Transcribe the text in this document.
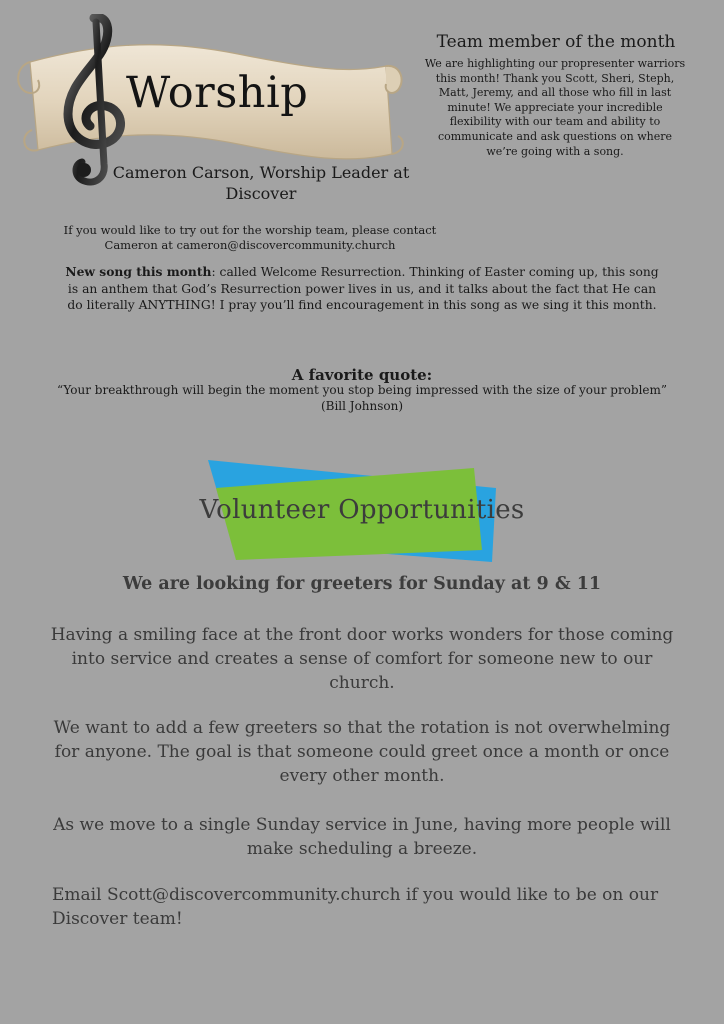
Worship
Cameron Carson, Worship Leader at Discover
Team member of the month
We are highlighting our propresenter warriors this month! Thank you Scott, Sheri, Steph, Matt, Jeremy, and all those who fill in last minute! We appreciate your incredible flexibility with our team and ability to communicate and ask questions on where we’re going with a song.
If you would like to try out for the worship team, please contact Cameron at cameron@discovercommunity.church
New song this month: called Welcome Resurrection. Thinking of Easter coming up, this song is an anthem that God’s Resurrection power lives in us, and it talks about the fact that He can do literally ANYTHING! I pray you’ll find encouragement in this song as we sing it this month.
A favorite quote:
“Your breakthrough will begin the moment you stop being impressed with the size of your problem”
(Bill Johnson)
Volunteer Opportunities
We are looking for greeters for Sunday at 9 & 11
Having a smiling face at the front door works wonders for those coming into service and creates a sense of comfort for someone new to our church.
We want to add a few greeters so that the rotation is not overwhelming for anyone. The goal is that someone could greet once a month or once every other month.
As we move to a single Sunday service in June, having more people will make scheduling a breeze.
Email Scott@discovercommunity.church if you would like to be on our Discover team!
